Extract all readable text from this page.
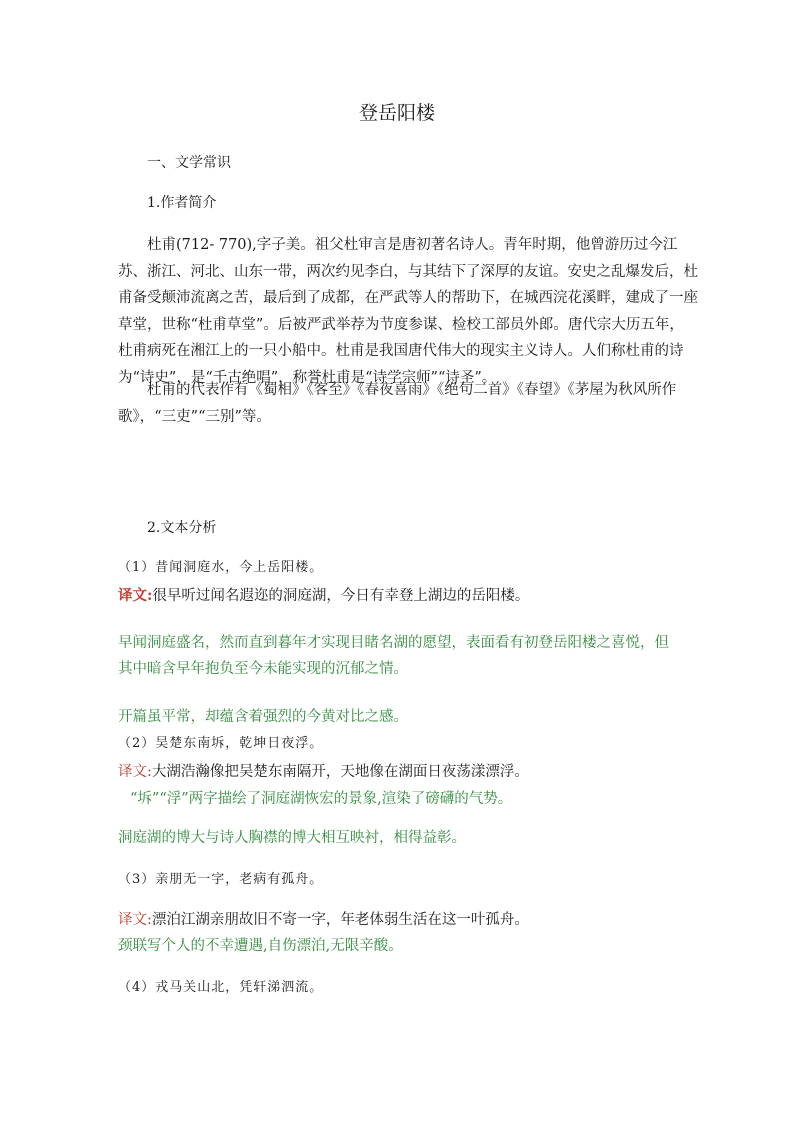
登岳阳楼
一、文学常识
1.作者简介
杜甫(712- 770),字子美。祖父杜审言是唐初著名诗人。青年时期，他曾游历过今江苏、浙江、河北、山东一带，两次约见李白，与其结下了深厚的友谊。安史之乱爆发后，杜甫备受颠沛流离之苦，最后到了成都，在严武等人的帮助下，在城西浣花溪畔，建成了一座草堂，世称“杜甫草堂”。后被严武举荐为节度参谋、检校工部员外郎。唐代宗大历五年，杜甫病死在湘江上的一只小船中。杜甫是我国唐代伟大的现实主义诗人。人们称杜甫的诗为“诗史”，是“千古绝唱”，称誉杜甫是“诗学宗师”“诗圣”。
杜甫的代表作有《蜀相》《客至》《春夜喜雨》《绝句二首》《春望》《茅屋为秋风所作歌》，“三吏”“三别”等。
2.文本分析
（1）昔闻洞庭水，今上岳阳楼。
译文:很早听过闻名遐迩的洞庭湖，今日有幸登上湖边的岳阳楼。
早闻洞庭盛名，然而直到暮年才实现目睹名湖的愿望，表面看有初登岳阳楼之喜悦，但其中暗含早年抱负至今未能实现的沉郁之情。
开篇虽平常，却蕴含着强烈的今黄对比之感。
（2）吴楚东南坼，乾坤日夜浮。
译文:大湖浩瀚像把吴楚东南隔开，天地像在湖面日夜荡漾漂浮。
“坼”“浮”两字描绘了洞庭湖恢宏的景象,渲染了磅礴的气势。
洞庭湖的博大与诗人胸襟的博大相互映衬，相得益彰。
（3）亲朋无一字，老病有孤舟。
译文:漂泊江湖亲朋故旧不寄一字，年老体弱生活在这一叶孤舟。
颈联写个人的不幸遭遇,自伤漂泊,无限辛酸。
（4）戎马关山北，凭轩涕泗流。
